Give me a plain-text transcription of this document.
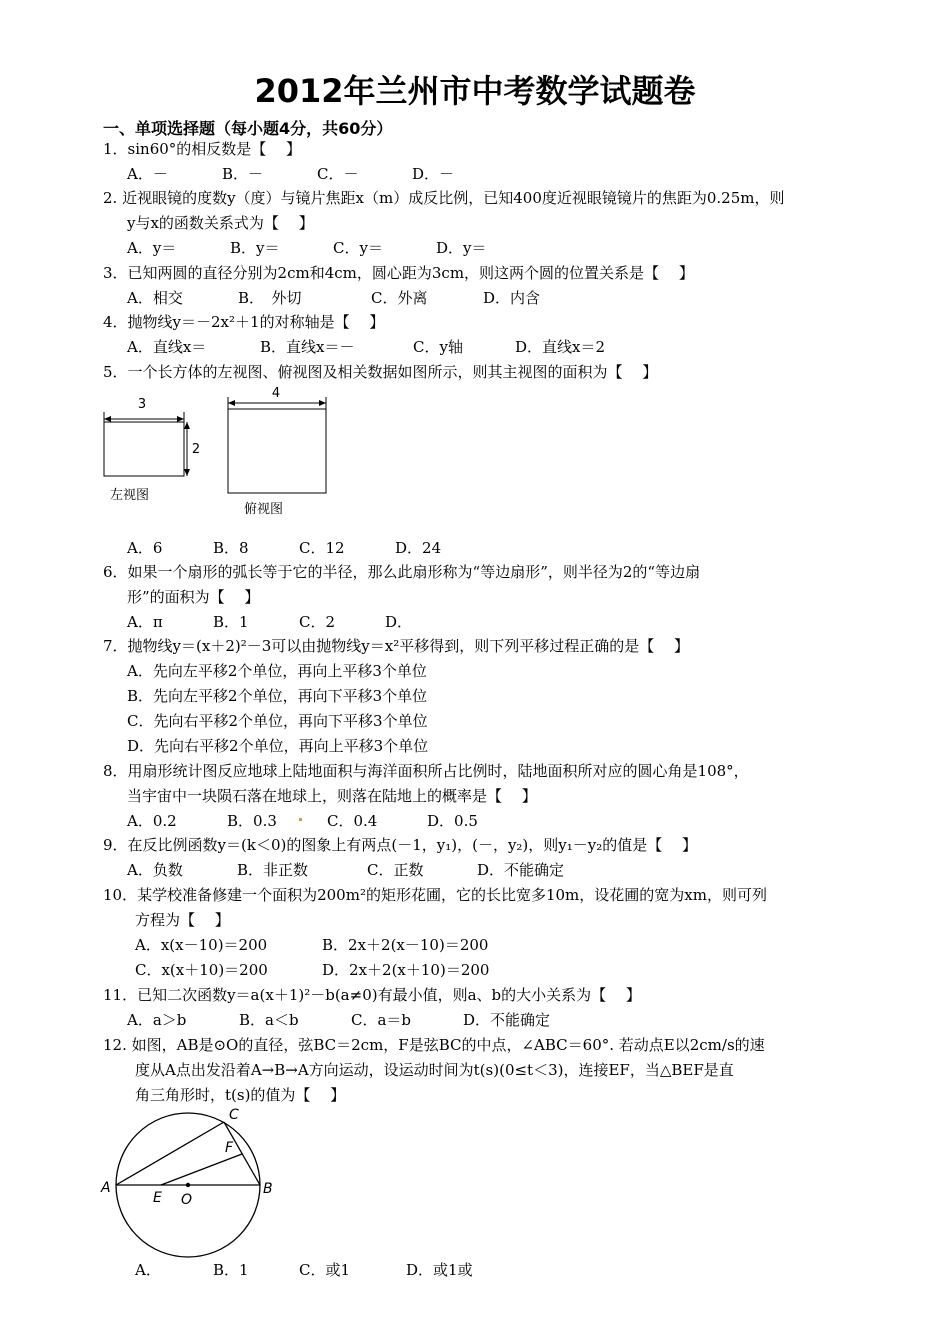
2012年兰州市中考数学试题卷
一、单项选择题（每小题4分，共60分）
1．sin60°的相反数是【　 】
A．－	B．－	C．－	D．－
2. 近视眼镜的度数y（度）与镜片焦距x（m）成反比例，已知400度近视眼镜镜片的焦距为0.25m，则
y与x的函数关系式为【　 】
A．y＝	B．y＝	C．y＝	D．y＝
3．已知两圆的直径分别为2cm和4cm，圆心距为3cm，则这两个圆的位置关系是【　 】
A．相交	B．　外切	C．外离	D．内含
4．抛物线y＝－2x²＋1的对称轴是【　 】
A．直线x＝	B．直线x＝－	C．y轴	D．直线x＝2
5．一个长方体的左视图、俯视图及相关数据如图所示，则其主视图的面积为【　 】
3
2
左视图
4
俯视图
A．6	B．8	C．12	D．24
6．如果一个扇形的弧长等于它的半径，那么此扇形称为“等边扇形”，则半径为2的“等边扇
形”的面积为【　 】
A．π	B．1	C．2	D．
7．抛物线y＝(x＋2)²－3可以由抛物线y＝x²平移得到，则下列平移过程正确的是【　 】
A．先向左平移2个单位，再向上平移3个单位
B．先向左平移2个单位，再向下平移3个单位
C．先向右平移2个单位，再向下平移3个单位
D．先向右平移2个单位，再向上平移3个单位
8．用扇形统计图反应地球上陆地面积与海洋面积所占比例时，陆地面积所对应的圆心角是108°，
当宇宙中一块陨石落在地球上，则落在陆地上的概率是【　 】
A．0.2	B．0.3	C．0.4	D．0.5
9．在反比例函数y＝(k＜0)的图象上有两点(－1，y₁)，(－，y₂)，则y₁－y₂的值是【　 】
A．负数	B．非正数	C．正数	D．不能确定
10．某学校准备修建一个面积为200m²的矩形花圃，它的长比宽多10m，设花圃的宽为xm，则可列
方程为【　 】
A．x(x－10)＝200	B．2x＋2(x－10)＝200
C．x(x＋10)＝200	D．2x＋2(x＋10)＝200
11．已知二次函数y＝a(x＋1)²－b(a≠0)有最小值，则a、b的大小关系为【　 】
A．a＞b	B．a＜b	C．a＝b	D．不能确定
12. 如图，AB是⊙O的直径，弦BC＝2cm，F是弦BC的中点，∠ABC＝60°. 若动点E以2cm/s的速
度从A点出发沿着A→B→A方向运动，设运动时间为t(s)(0≤t＜3)，连接EF，当△BEF是直
角三角形时，t(s)的值为【　 】
A	B
C
F
E O
A．	B．1	C．或1	D．或1或
